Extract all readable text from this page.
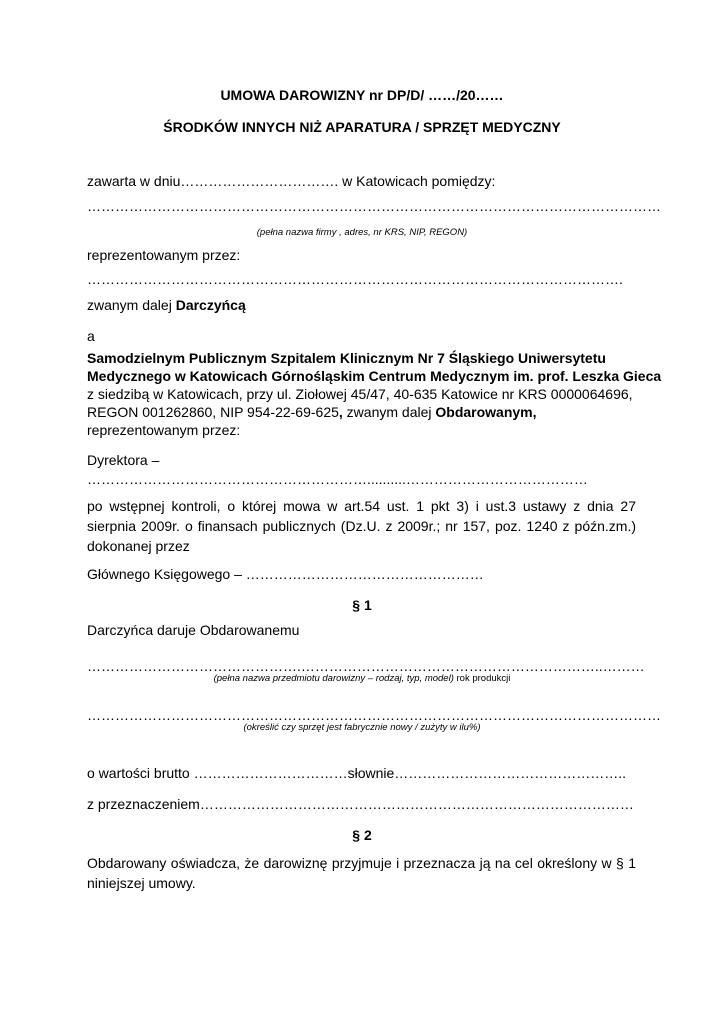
UMOWA DAROWIZNY nr DP/D/ ……/20……
ŚRODKÓW INNYCH NIŻ APARATURA / SPRZĘT MEDYCZNY
zawarta w dniu……………………………. w Katowicach pomiędzy:
……………………………………………………………………………………………………………
(pełna nazwa firmy , adres, nr KRS, NIP, REGON)
reprezentowanym przez:
…………………………………………………………………………………………………….
zwanym dalej Darczyńcą
a
Samodzielnym Publicznym Szpitalem Klinicznym Nr 7 Śląskiego Uniwersytetu
Medycznego w Katowicach Górnośląskim Centrum Medycznym im. prof. Leszka Gieca
z siedzibą w Katowicach, przy ul. Ziołowej 45/47, 40-635 Katowice nr KRS 0000064696,
REGON 001262860, NIP 954-22-69-625, zwanym dalej Obdarowanym,
reprezentowanym przez:
Dyrektora –
……………………………………………………..........…………………………………
po wstępnej kontroli, o której mowa w art.54 ust. 1 pkt 3) i ust.3 ustawy z dnia 27 sierpnia 2009r. o finansach publicznych (Dz.U. z 2009r.; nr 157, poz. 1240 z późn.zm.) dokonanej przez
Głównego Księgowego – ……………………………………………
§ 1
Darczyńca daruje Obdarowanemu
……………………………………….………………………………………………………..………
(pełna nazwa przedmiotu darowizny – rodzaj, typ, model) rok produkcji
……………………………………………………………………………………………………………
(określić czy sprzęt jest fabrycznie nowy / zużyty w ilu%)
o wartości brutto ……………………………słownie…………………………………………..
z przeznaczeniem…………………………………………………………………………………
§ 2
Obdarowany oświadcza, że darowiznę przyjmuje i przeznacza ją na cel określony w § 1 niniejszej umowy.
